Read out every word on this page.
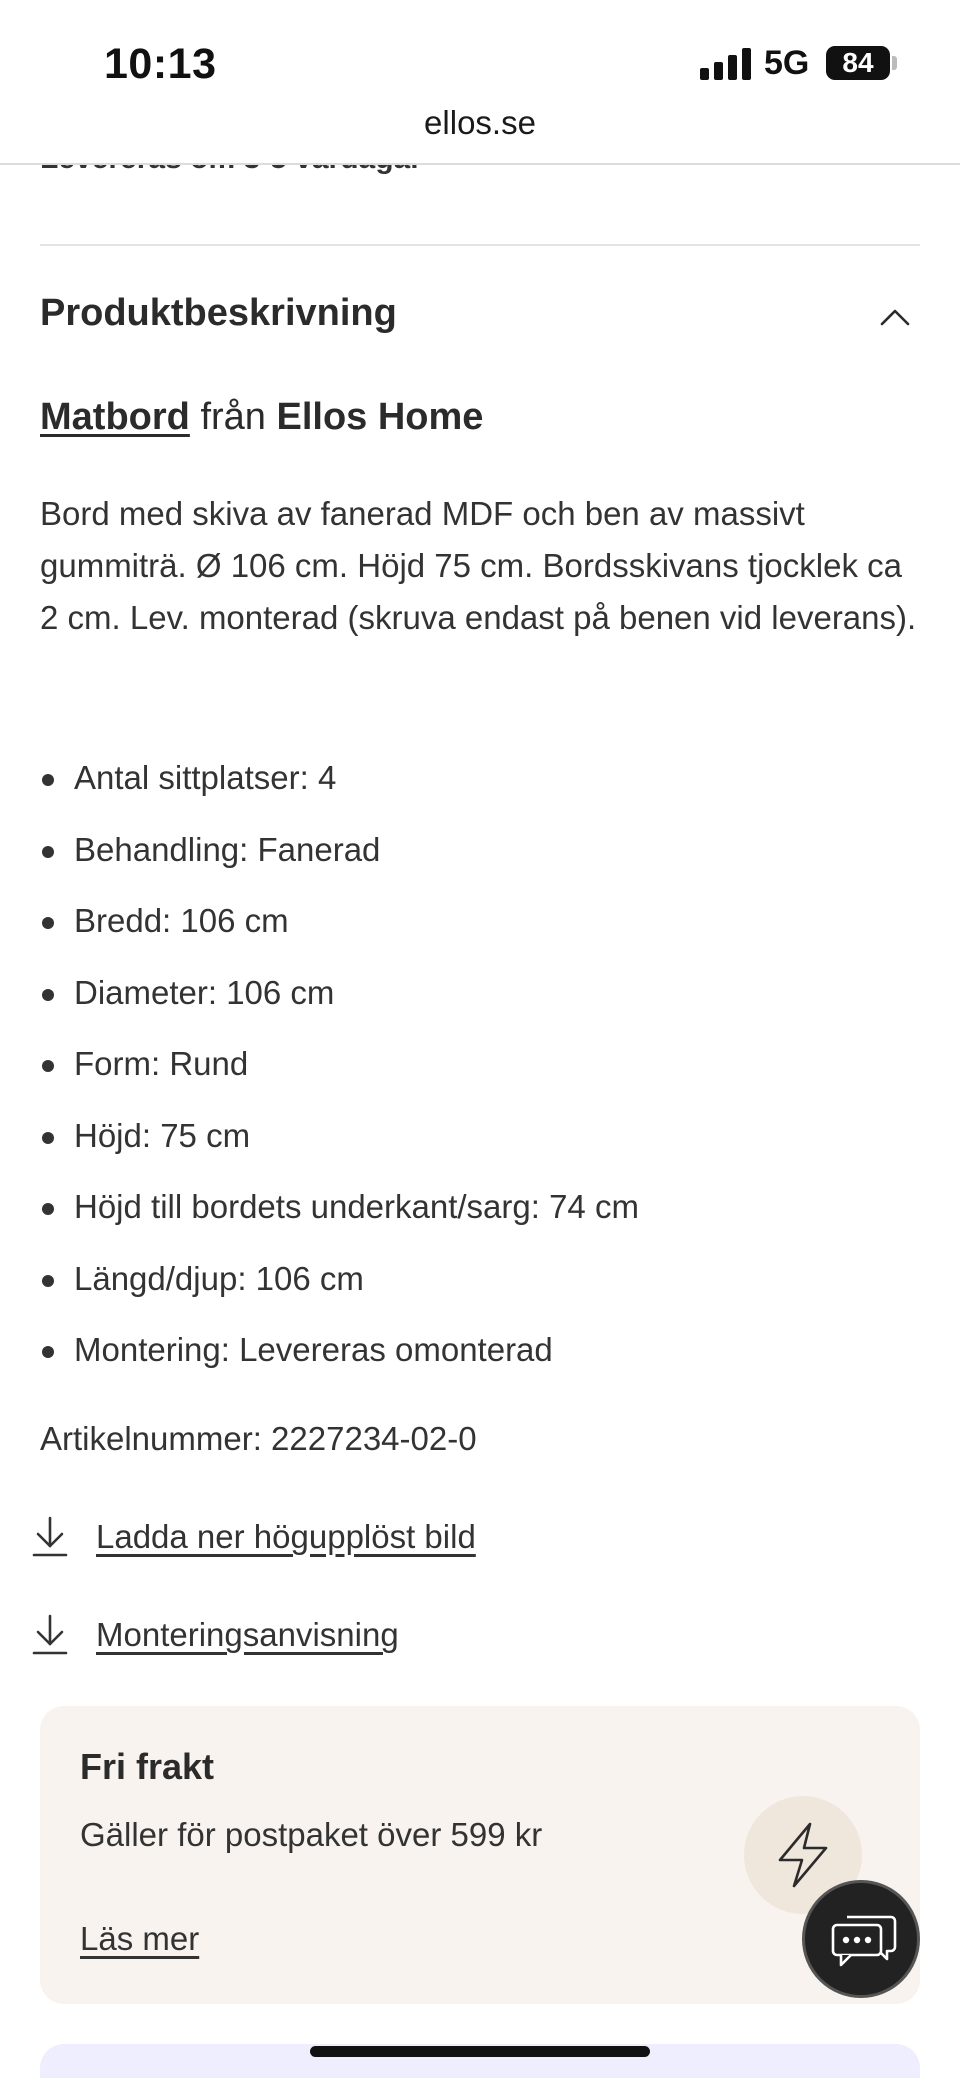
10:13	5G	84
ellos.se
Produktbeskrivning
Matbord från Ellos Home

Bord med skiva av fanerad MDF och ben av massivt gummiträ. Ø 106 cm. Höjd 75 cm. Bordsskivans tjocklek ca 2 cm. Lev. monterad (skruva endast på benen vid leverans).

Antal sittplatser: 4
Behandling: Fanerad
Bredd: 106 cm
Diameter: 106 cm
Form: Rund
Höjd: 75 cm
Höjd till bordets underkant/sarg: 74 cm
Längd/djup: 106 cm
Montering: Levereras omonterad
Artikelnummer: 2227234-02-0
Ladda ner högupplöst bild
Monteringsanvisning
Fri frakt
Gäller för postpaket över 599 kr
Läs mer
